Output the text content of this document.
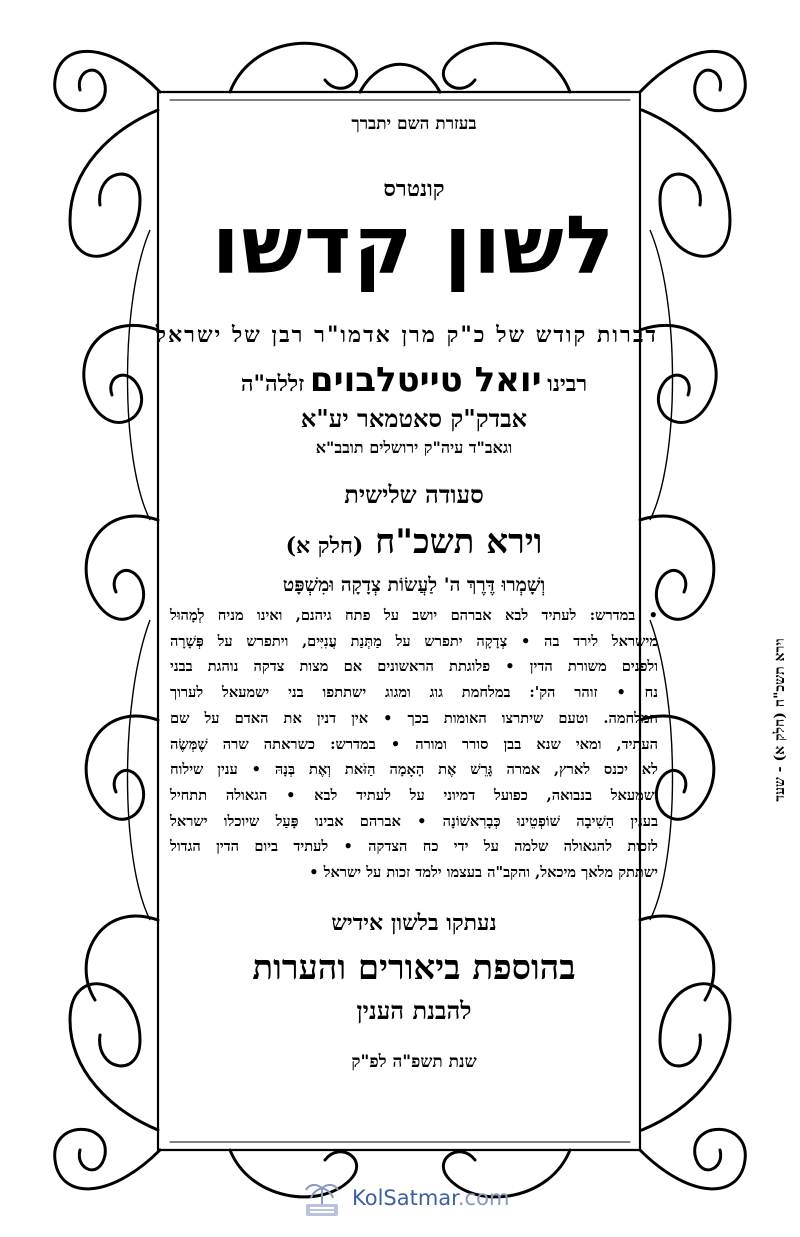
בעזרת השם יתברך
קונטרס
לשון קדשו
דברות קודש של כ"ק מרן אדמו"ר רבן של ישראל
רבינו יואל טייטלבוים זללה"ה
אבדק"ק סאטמאר יע"א
וגאב"ד עיה"ק ירושלים תובב"א
סעודה שלישית
וירא תשכ"ח (חלק א)
וְשָׁמְרוּ דֶּרֶךְ ה' לַעֲשׂוֹת צְדָקָה וּמִשְׁפָּט
• במדרש: לעתיד לבא אברהם יושב על פתח גיהנם, ואינו מניח לְמָהוּל
מישראל לירד בה • צְדָקָה יתפרש על מַתְּנַת עֲנִיִּים, ויתפרש על פְּשָׁרָה
ולפנים משורת הדין • פלוגתת הראשונים אם מצות צדקה נוהגת בבני
נח • זוהר הק': במלחמת גוג ומגוג ישתתפו בני ישמעאל לערוך
המלחמה. וטעם שיתרצו האומות בכך • אין דנין את האדם על שם
העתיד, ומאי שנא בבן סורר ומורה • במדרש: כשראתה שרה שֶׁמְּשֶׂה
לא יכנס לארץ, אמרה גָּרֵשׁ אֶת הָאָמָה הַזֹּאת וְאֶת בְּנָהּ • ענין שילוח
ישמעאל בנבואה, כפועל דמיוני על לעתיד לבא • הגאולה תתחיל
בענין הַשִׁיבָה שׁוֹפְטֵינוּ כְּבָרִאשׁוֹנָה • אברהם אבינו פָּעַל שיוכלו ישראל
לזכות להגאולה שלמה על ידי כח הצדקה • לעתיד ביום הדין הגדול
ישתתק מלאך מיכאל, והקב"ה בעצמו ילמד זכות על ישראל •
נעתקו בלשון אידיש
בהוספת ביאורים והערות
להבנת הענין
שנת תשפ"ה לפ"ק
וירא תשכ"ח (חלק א) - שעד
KolSatmar.com
